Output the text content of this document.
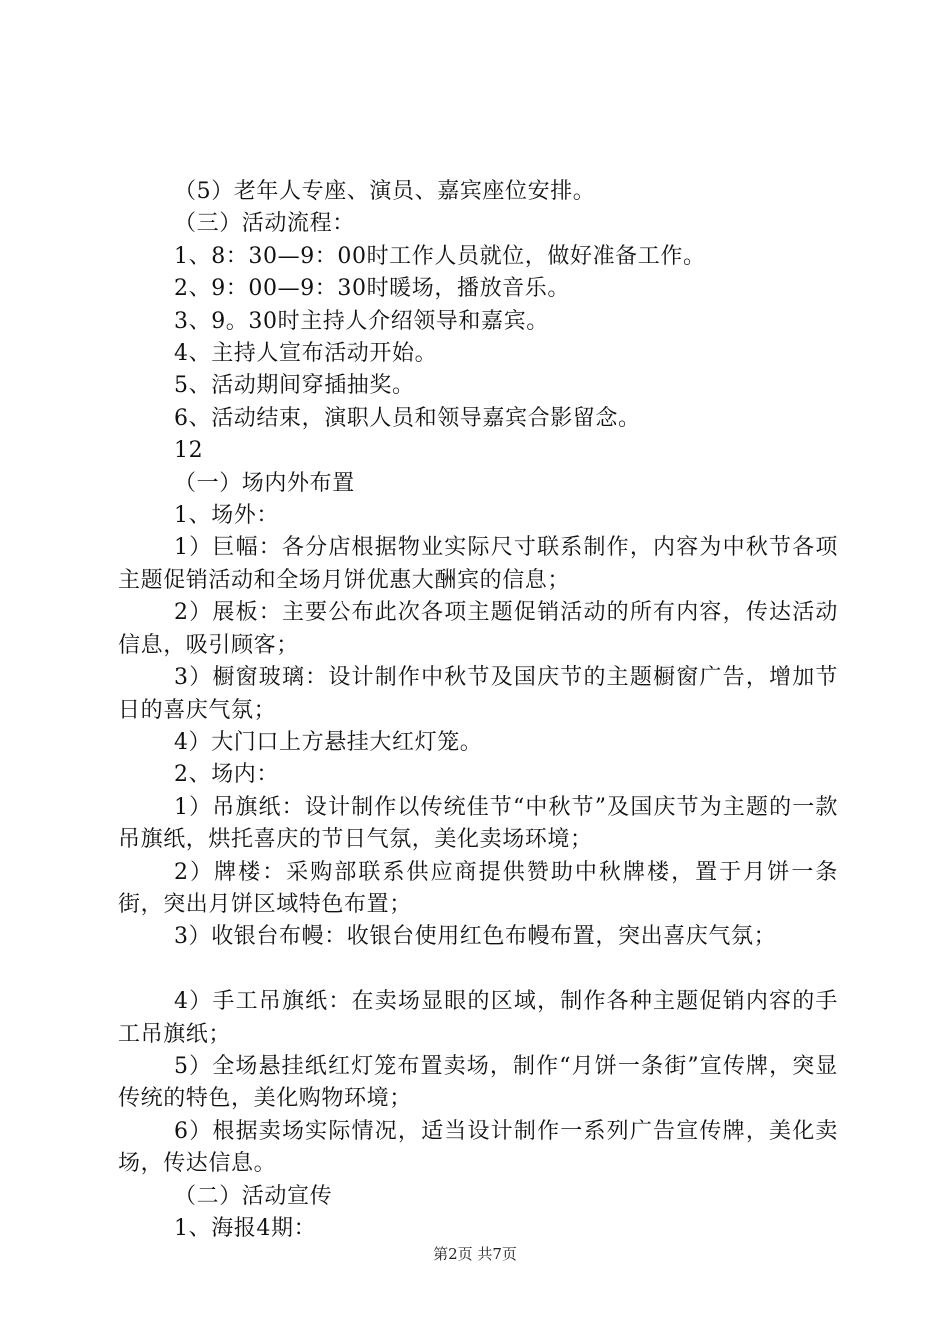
（5）老年人专座、演员、嘉宾座位安排。

（三）活动流程：

1、8：30—9：00时工作人员就位，做好准备工作。

2、9：00—9：30时暖场，播放音乐。

3、9。30时主持人介绍领导和嘉宾。

4、主持人宣布活动开始。

5、活动期间穿插抽奖。

6、活动结束，演职人员和领导嘉宾合影留念。

12

（一）场内外布置

1、场外：

1）巨幅：各分店根据物业实际尺寸联系制作，内容为中秋节各项主题促销活动和全场月饼优惠大酬宾的信息；

2）展板：主要公布此次各项主题促销活动的所有内容，传达活动信息，吸引顾客；

3）橱窗玻璃：设计制作中秋节及国庆节的主题橱窗广告，增加节日的喜庆气氛；

4）大门口上方悬挂大红灯笼。

2、场内：

1）吊旗纸：设计制作以传统佳节“中秋节”及国庆节为主题的一款吊旗纸，烘托喜庆的节日气氛，美化卖场环境；

2）牌楼：采购部联系供应商提供赞助中秋牌楼，置于月饼一条街，突出月饼区域特色布置；

3）收银台布幔：收银台使用红色布幔布置，突出喜庆气氛；

4）手工吊旗纸：在卖场显眼的区域，制作各种主题促销内容的手工吊旗纸；

5）全场悬挂纸红灯笼布置卖场，制作“月饼一条街”宣传牌，突显传统的特色，美化购物环境；

6）根据卖场实际情况，适当设计制作一系列广告宣传牌，美化卖场，传达信息。

（二）活动宣传

1、海报4期：

第2页 共7页
